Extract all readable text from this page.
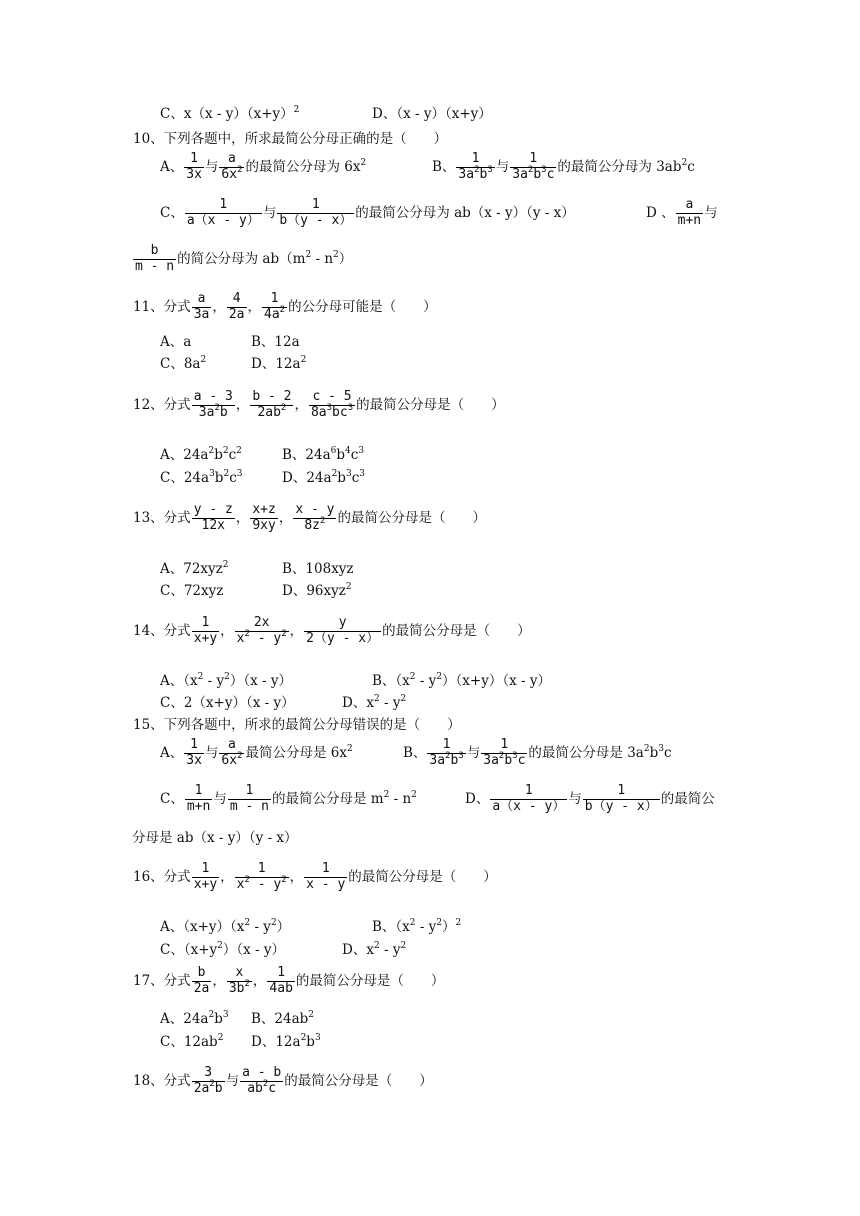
C、$x(x - y)(x+y)^2$	D、（x - y）（x+y）
10、下列各题中，所求最简公分母正确的是（　　）
A、 $\frac{1}{3x}$ 与 $\frac{a}{6x^2}$ 的最简公分母为 $6x^2$	B、 $\frac{1}{3a^2b^3}$ 与 $\frac{1}{3a^2b^3c}$ 的最简公分母为 $3ab^2c$
C、 $\frac{1}{a(x - y)}$ 与 $\frac{1}{b(y - x)}$ 的最简公分母为 ab（x - y）（y - x）	D 、 $\frac{a}{m+n}$ 与
$\frac{b}{m - n}$ 的简公分母为 $ab(m^2 - n^2)$
11、分式 $\frac{a}{3a}$ ， $\frac{4}{2a}$ ， $\frac{1}{4a^2}$ 的公分母可能是（　　）
A、a	B、12a
C、$8a^2$	D、$12a^2$
12、分式 $\frac{a - 3}{3a^2b}$ ， $\frac{b - 2}{2ab^2}$ ， $\frac{c - 5}{8a^3bc^3}$ 的最简公分母是（　　）
A、$24a^2b^2c^2$	B、$24a^6b^4c^3$
C、$24a^3b^2c^3$	D、$24a^2b^3c^3$
13、分式 $\frac{y - z}{12x}$ ， $\frac{x+z}{9xy}$ ， $\frac{x - y}{8z^2}$ 的最简公分母是（　　）
A、72xyz$^2$	B、108xyz
C、72xyz	D、96xyz$^2$
14、分式 $\frac{1}{x+y}$ ， $\frac{2x}{x^2 - y^2}$ ， $\frac{y}{2(y - x)}$ 的最简公分母是（　　）
A、$(x^2 - y^2)(x - y)$	B、$(x^2 - y^2)(x+y)(x - y)$
C、2（x+y）（x - y）	D、$x^2 - y^2$
15、下列各题中，所求的最简公分母错误的是（　　）
A、 $\frac{1}{3x}$ 与 $\frac{a}{6x^2}$ 最简公分母是 $6x^2$	B、 $\frac{1}{3a^2b^3}$ 与 $\frac{1}{3a^2b^3c}$ 的最简公分母是 $3a^2b^3c$
C、 $\frac{1}{m+n}$ 与 $\frac{1}{m - n}$ 的最简公分母是 $m^2 - n^2$	D、 $\frac{1}{a(x - y)}$ 与 $\frac{1}{b(y - x)}$ 的最简公
分母是 ab（x - y）（y - x）
16、分式 $\frac{1}{x+y}$ ， $\frac{1}{x^2 - y^2}$ ， $\frac{1}{x - y}$ 的最简公分母是（　　）
A、$(x+y)(x^2 - y^2)$	B、$(x^2 - y^2)^2$
C、$(x+y^2)(x - y)$	D、$x^2 - y^2$
17、分式 $\frac{b}{2a}$ ， $\frac{x}{3b^2}$ ， $\frac{1}{4ab}$ 的最简公分母是（　　）
A、$24a^2b^3$ B、$24ab^2$
C、$12ab^2$ D、$12a^2b^3$
18、分式 $\frac{3}{2a^2b}$ 与 $\frac{a - b}{ab^2c}$ 的最简公分母是（　　）
